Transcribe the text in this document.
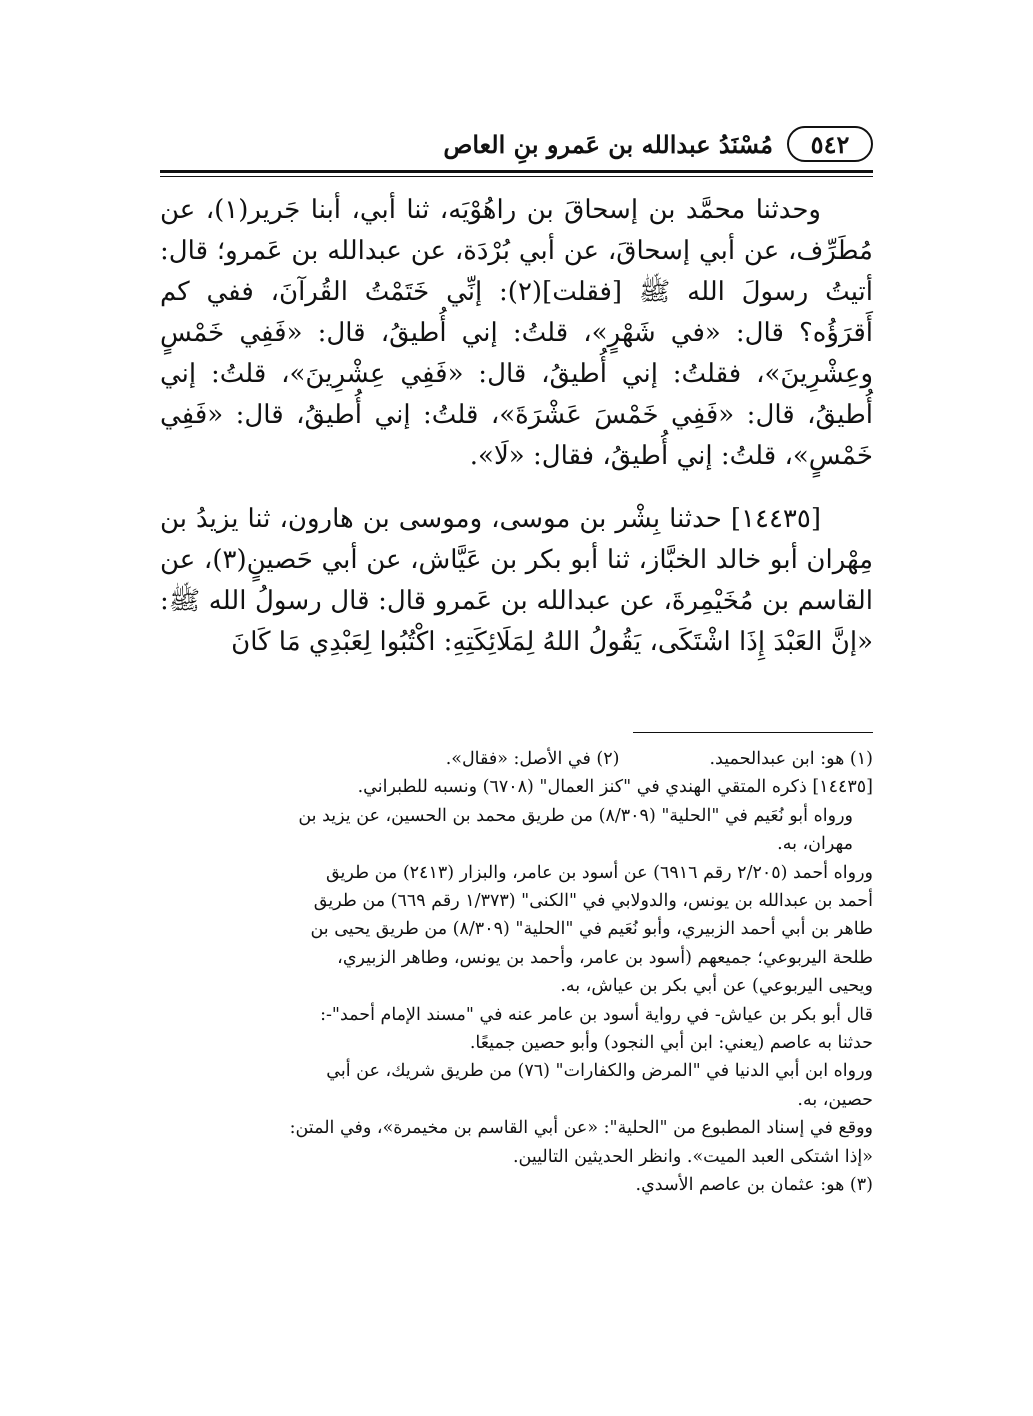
٥٤٢
مُسْنَدُ عبدالله بن عَمرو بنِ العاص

وحدثنا محمَّد بن إسحاقَ بن راهُوْيَه، ثنا أبي، أبنا جَرير(١)، عن مُطَرِّف، عن أبي إسحاقَ، عن أبي بُرْدَة، عن عبدالله بن عَمرو؛ قال: أتيتُ رسولَ الله ﷺ [فقلت](٢): إنِّي خَتَمْتُ القُرآنَ، ففي كم أَقرَؤُه؟ قال: «في شَهْرٍ»، قلتُ: إني أُطيقُ، قال: «فَفِي خَمْسٍ وعِشْرِينَ»، فقلتُ: إني أُطيقُ، قال: «فَفِي عِشْرِينَ»، قلتُ: إني أُطيقُ، قال: «فَفِي خَمْسَ عَشْرَةَ»، قلتُ: إني أُطيقُ، قال: «فَفِي خَمْسٍ»، قلتُ: إني أُطيقُ، فقال: «لَا».

[١٤٤٣٥] حدثنا بِشْر بن موسى، وموسى بن هارون، ثنا يزيدُ بن مِهْران أبو خالد الخبَّاز، ثنا أبو بكر بن عَيَّاش، عن أبي حَصينٍ(٣)، عن القاسم بن مُخَيْمِرةَ، عن عبدالله بن عَمرو قال: قال رسولُ الله ﷺ: «إنَّ العَبْدَ إِذَا اشْتَكَى، يَقُولُ اللهُ لِمَلَائِكَتِهِ: اكْتُبُوا لِعَبْدِي مَا كَانَ

(١) هو: ابن عبدالحميد.
(٢) في الأصل: «فقال».
[١٤٤٣٥] ذكره المتقي الهندي في "كنز العمال" (٦٧٠٨) ونسبه للطبراني.
ورواه أبو نُعَيم في "الحلية" (٨/٣٠٩) من طريق محمد بن الحسين، عن يزيد بن
مهران، به.
ورواه أحمد (٢/٢٠٥ رقم ٦٩١٦) عن أسود بن عامر، والبزار (٢٤١٣) من طريق
أحمد بن عبدالله بن يونس، والدولابي في "الكنى" (١/٣٧٣ رقم ٦٦٩) من طريق
طاهر بن أبي أحمد الزبيري، وأبو نُعَيم في "الحلية" (٨/٣٠٩) من طريق يحيى بن
طلحة اليربوعي؛ جميعهم (أسود بن عامر، وأحمد بن يونس، وطاهر الزبيري،
ويحيى اليربوعي) عن أبي بكر بن عياش، به.
قال أبو بكر بن عياش- في رواية أسود بن عامر عنه في "مسند الإمام أحمد"-:
حدثنا به عاصم (يعني: ابن أبي النجود) وأبو حصين جميعًا.
ورواه ابن أبي الدنيا في "المرض والكفارات" (٧٦) من طريق شريك، عن أبي
حصين، به.
ووقع في إسناد المطبوع من "الحلية": «عن أبي القاسم بن مخيمرة»، وفي المتن:
«إذا اشتكى العبد الميت». وانظر الحديثين التاليين.
(٣) هو: عثمان بن عاصم الأسدي.
